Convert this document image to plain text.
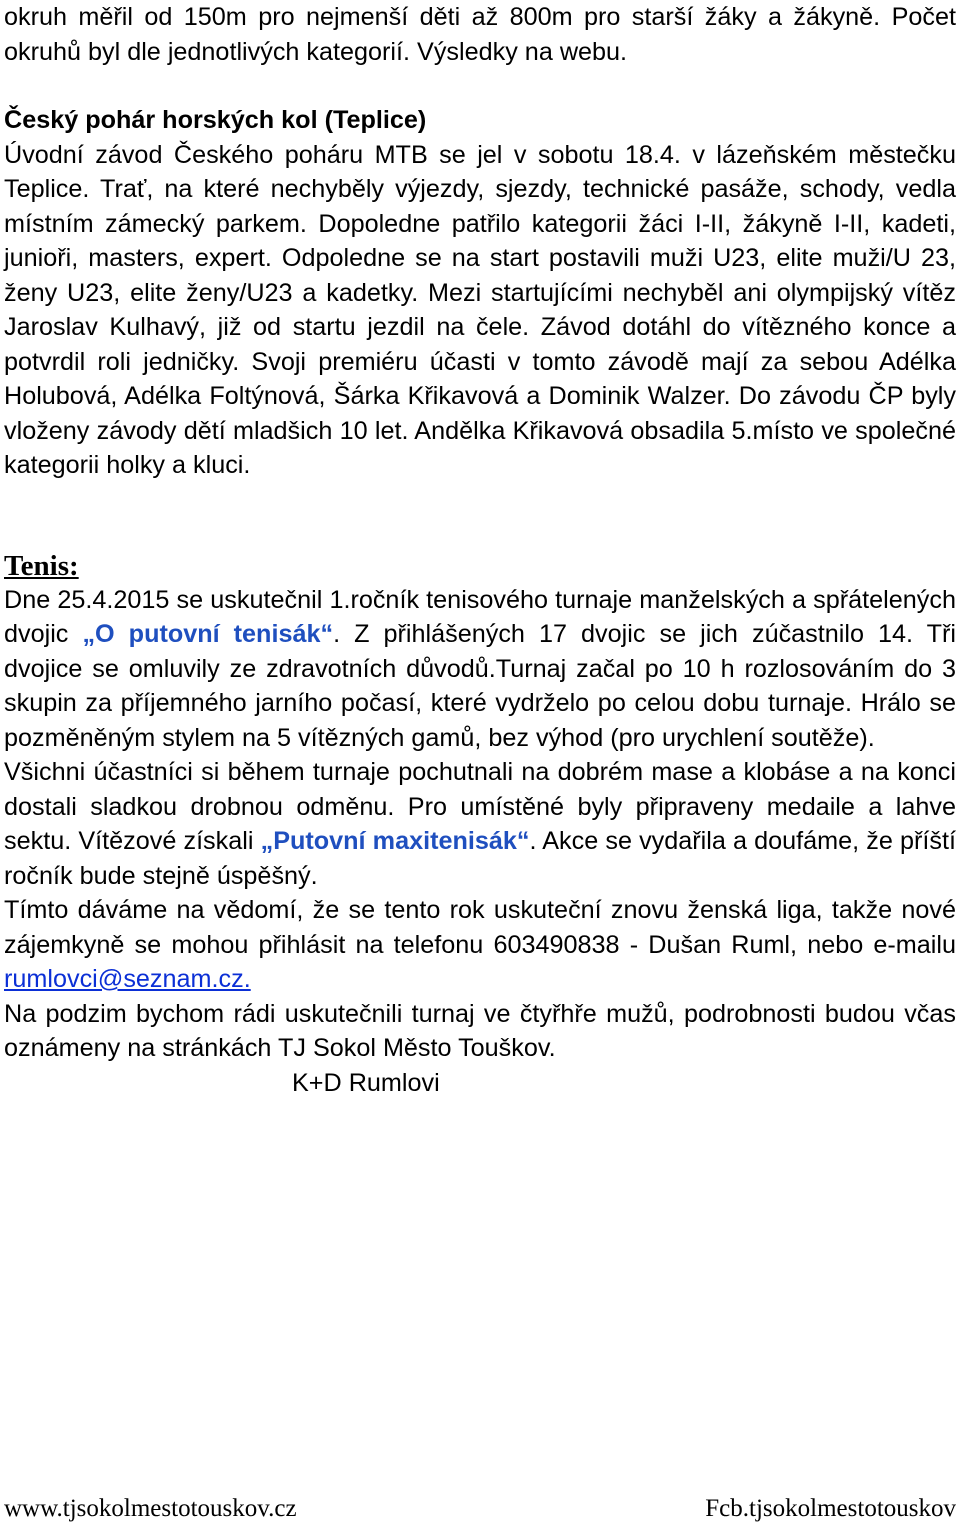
okruh měřil od 150m pro nejmenší děti až 800m pro starší žáky a žákyně. Počet okruhů byl dle jednotlivých kategorií. Výsledky na webu.

Český pohár horských kol (Teplice)

Úvodní závod Českého poháru MTB se jel v sobotu 18.4. v lázeňském městečku Teplice. Trať, na které nechyběly výjezdy, sjezdy, technické pasáže, schody, vedla místním zámecký parkem. Dopoledne patřilo kategorii žáci I-II, žákyně I-II, kadeti, junioři, masters, expert. Odpoledne se na start postavili muži U23, elite muži/U 23, ženy U23, elite ženy/U23 a kadetky. Mezi startujícími nechyběl ani olympijský vítěz Jaroslav Kulhavý, již od startu jezdil na čele. Závod dotáhl do vítězného konce a potvrdil roli jedničky. Svoji premiéru účasti v tomto závodě mají za sebou Adélka Holubová, Adélka Foltýnová, Šárka Křikavová a Dominik Walzer. Do závodu ČP byly vloženy závody dětí mladšich 10 let. Andělka Křikavová obsadila 5.místo ve společné kategorii holky a kluci.

Tenis:

Dne 25.4.2015 se uskutečnil 1.ročník tenisového turnaje manželských a spřátelených dvojic „O putovní tenisák“. Z přihlášených 17 dvojic se jich zúčastnilo 14. Tři dvojice se omluvily ze zdravotních důvodů.Turnaj začal po 10 h rozlosováním do 3 skupin za příjemného jarního počasí, které vydrželo po celou dobu turnaje. Hrálo se pozměněným stylem na 5 vítězných gamů, bez výhod (pro urychlení soutěže).

Všichni účastníci si během turnaje pochutnali na dobrém mase a klobáse a na konci dostali sladkou drobnou odměnu. Pro umístěné byly připraveny medaile a lahve sektu. Vítězové získali „Putovní maxitenisák“. Akce se vydařila a doufáme, že příští ročník bude stejně úspěšný.

Tímto dáváme na vědomí, že se tento rok uskuteční znovu ženská liga, takže nové zájemkyně se mohou přihlásit na telefonu 603490838 - Dušan Ruml, nebo e-mailu rumlovci@seznam.cz.

Na podzim bychom rádi uskutečnili turnaj ve čtyřhře mužů, podrobnosti budou včas oznámeny na stránkách TJ Sokol Město Touškov.

K+D Rumlovi

www.tjsokolmestotouskov.cz	Fcb.tjsokolmestotouskov
